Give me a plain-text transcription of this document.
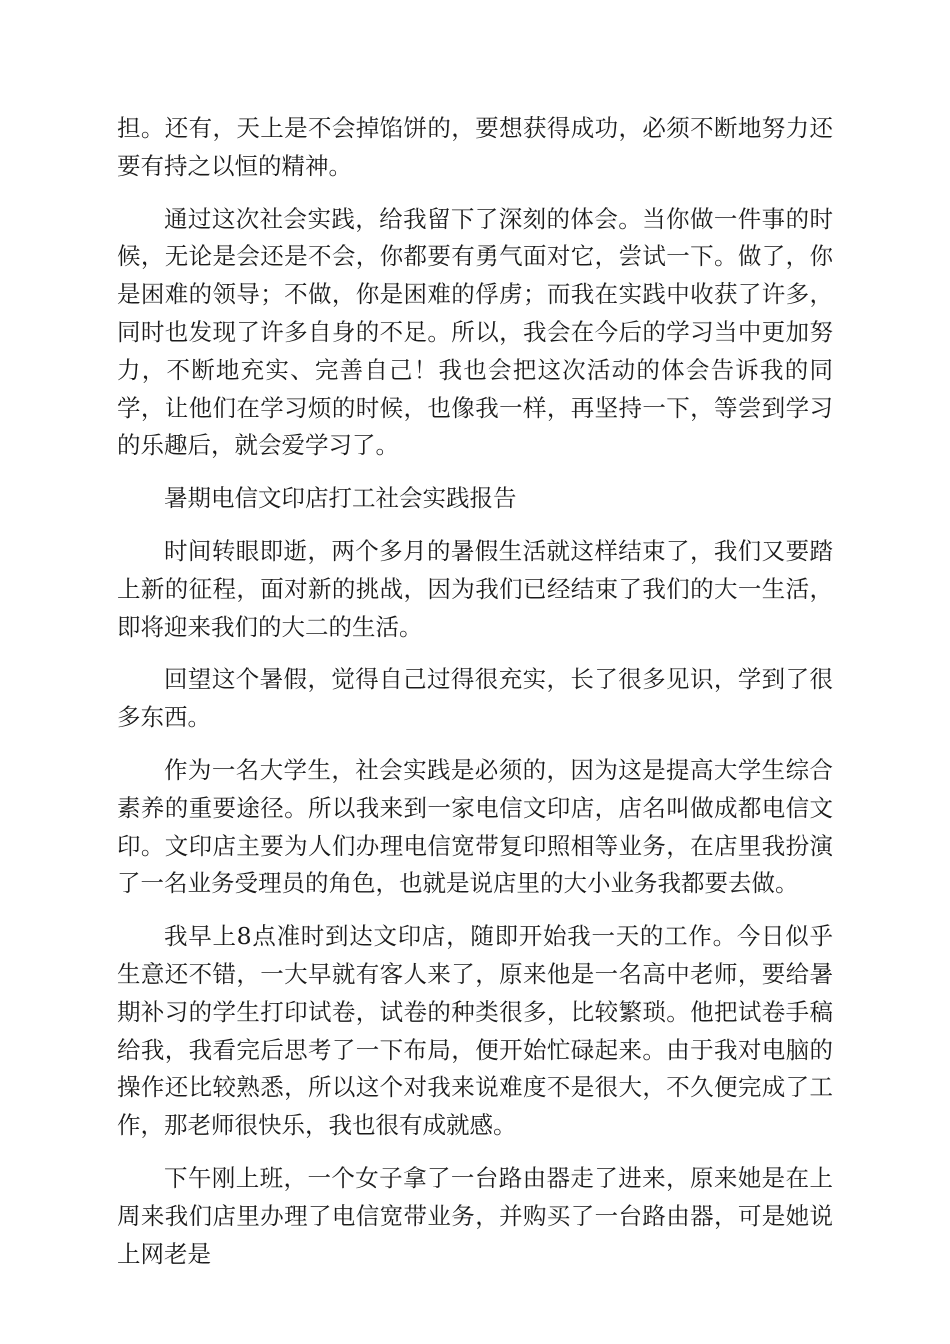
担。还有，天上是不会掉馅饼的，要想获得成功，必须不断地努力还要有持之以恒的精神。

通过这次社会实践，给我留下了深刻的体会。当你做一件事的时候，无论是会还是不会，你都要有勇气面对它，尝试一下。做了，你是困难的领导；不做，你是困难的俘虏；而我在实践中收获了许多，同时也发现了许多自身的不足。所以，我会在今后的学习当中更加努力，不断地充实、完善自己！我也会把这次活动的体会告诉我的同学，让他们在学习烦的时候，也像我一样，再坚持一下，等尝到学习的乐趣后，就会爱学习了。

暑期电信文印店打工社会实践报告

时间转眼即逝，两个多月的暑假生活就这样结束了，我们又要踏上新的征程，面对新的挑战，因为我们已经结束了我们的大一生活，即将迎来我们的大二的生活。

回望这个暑假，觉得自己过得很充实，长了很多见识，学到了很多东西。

作为一名大学生，社会实践是必须的，因为这是提高大学生综合素养的重要途径。所以我来到一家电信文印店，店名叫做成都电信文印。文印店主要为人们办理电信宽带复印照相等业务，在店里我扮演了一名业务受理员的角色，也就是说店里的大小业务我都要去做。

我早上8点准时到达文印店，随即开始我一天的工作。今日似乎生意还不错，一大早就有客人来了，原来他是一名高中老师，要给暑期补习的学生打印试卷，试卷的种类很多，比较繁琐。他把试卷手稿给我，我看完后思考了一下布局，便开始忙碌起来。由于我对电脑的操作还比较熟悉，所以这个对我来说难度不是很大，不久便完成了工作，那老师很快乐，我也很有成就感。

下午刚上班，一个女子拿了一台路由器走了进来，原来她是在上周来我们店里办理了电信宽带业务，并购买了一台路由器，可是她说上网老是
